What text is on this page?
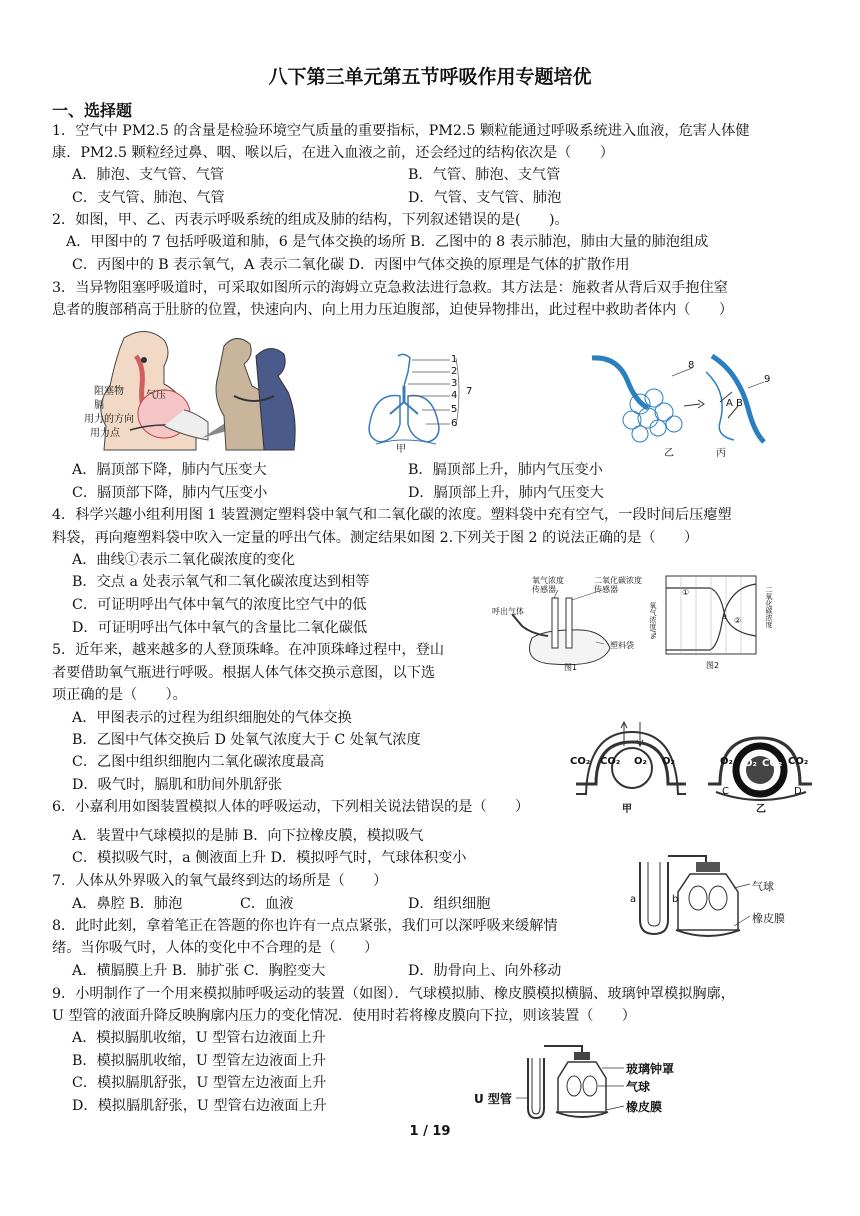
八下第三单元第五节呼吸作用专题培优
一、选择题
1．空气中 PM2.5 的含量是检验环境空气质量的重要指标，PM2.5 颗粒能通过呼吸系统进入血液，危害人体健
康．PM2.5 颗粒经过鼻、咽、喉以后，在进入血液之前，还会经过的结构依次是（　　）
A．肺泡、支气管、气管	B．气管、肺泡、支气管
C．支气管、肺泡、气管	D．气管、支气管、肺泡
2．如图，甲、乙、丙表示呼吸系统的组成及肺的结构，下列叙述错误的是(　　)。
A．甲图中的 7 包括呼吸道和肺，6 是气体交换的场所 B．乙图中的 8 表示肺泡，肺由大量的肺泡组成
C．丙图中的 B 表示氧气，A 表示二氧化碳 D．丙图中气体交换的原理是气体的扩散作用
3．当异物阻塞呼吸道时，可采取如图所示的海姆立克急救法进行急救。其方法是：施救者从背后双手抱住窒
息者的腹部稍高于肚脐的位置，快速向内、向上用力压迫腹部，迫使异物排出，此过程中救助者体内（　　）
阻塞物 气压
膈
用力的方向
用力点
1
2
3
4
5
6
7
甲
8
9
A B
乙	丙
A．膈顶部下降，肺内气压变大	B．膈顶部上升，肺内气压变小
C．膈顶部下降，肺内气压变小	D．膈顶部上升，肺内气压变大
4．科学兴趣小组利用图 1 装置测定塑料袋中氧气和二氧化碳的浓度。塑料袋中充有空气，一段时间后压瘪塑
料袋，再向瘪塑料袋中吹入一定量的呼出气体。测定结果如图 2.下列关于图 2 的说法正确的是（　　）
A．曲线①表示二氧化碳浓度的变化
B．交点 a 处表示氧气和二氧化碳浓度达到相等
C．可证明呼出气体中氧气的浓度比空气中的低
D．可证明呼出气体中氧气的含量比二氧化碳低
氧气浓度
传感器
二氧化碳浓度
传感器
呼出气体
塑料袋
图1
①
②
a
氧气浓度/%	二氧化碳浓度
图2
5．近年来，越来越多的人登顶珠峰。在冲顶珠峰过程中，登山
者要借助氧气瓶进行呼吸。根据人体气体交换示意图，以下选
项正确的是（　　）。
A．甲图表示的过程为组织细胞处的气体交换
B．乙图中气体交换后 D 处氧气浓度大于 C 处氧气浓度
C．乙图中组织细胞内二氧化碳浓度最高
D．吸气时，膈肌和肋间外肌舒张
CO₂ CO₂ O₂ O₂
甲
O₂ O₂ CO₂ CO₂
C	D
乙
6．小嘉利用如图装置模拟人体的呼吸运动，下列相关说法错误的是（　　）
A．装置中气球模拟的是肺 B．向下拉橡皮膜，模拟吸气
C．模拟吸气时，a 侧液面上升 D．模拟呼气时，气球体积变小
a	b
气球
橡皮膜
7．人体从外界吸入的氧气最终到达的场所是（　　）
A．鼻腔 B．肺泡	C．血液	D．组织细胞
8．此时此刻，拿着笔正在答题的你也许有一点点紧张，我们可以深呼吸来缓解情
绪。当你吸气时，人体的变化中不合理的是（　　）
A．横膈膜上升 B．肺扩张 C．胸腔变大	D．肋骨向上、向外移动
9．小明制作了一个用来模拟肺呼吸运动的装置（如图）．气球模拟肺、橡皮膜模拟横膈、玻璃钟罩模拟胸廓，
U 型管的液面升降反映胸廓内压力的变化情况．使用时若将橡皮膜向下拉，则该装置（　　）
A．模拟膈肌收缩，U 型管右边液面上升
B．模拟膈肌收缩，U 型管左边液面上升
C．模拟膈肌舒张，U 型管左边液面上升
D．模拟膈肌舒张，U 型管右边液面上升
玻璃钟罩
气球
橡皮膜
U 型管
1 / 19
